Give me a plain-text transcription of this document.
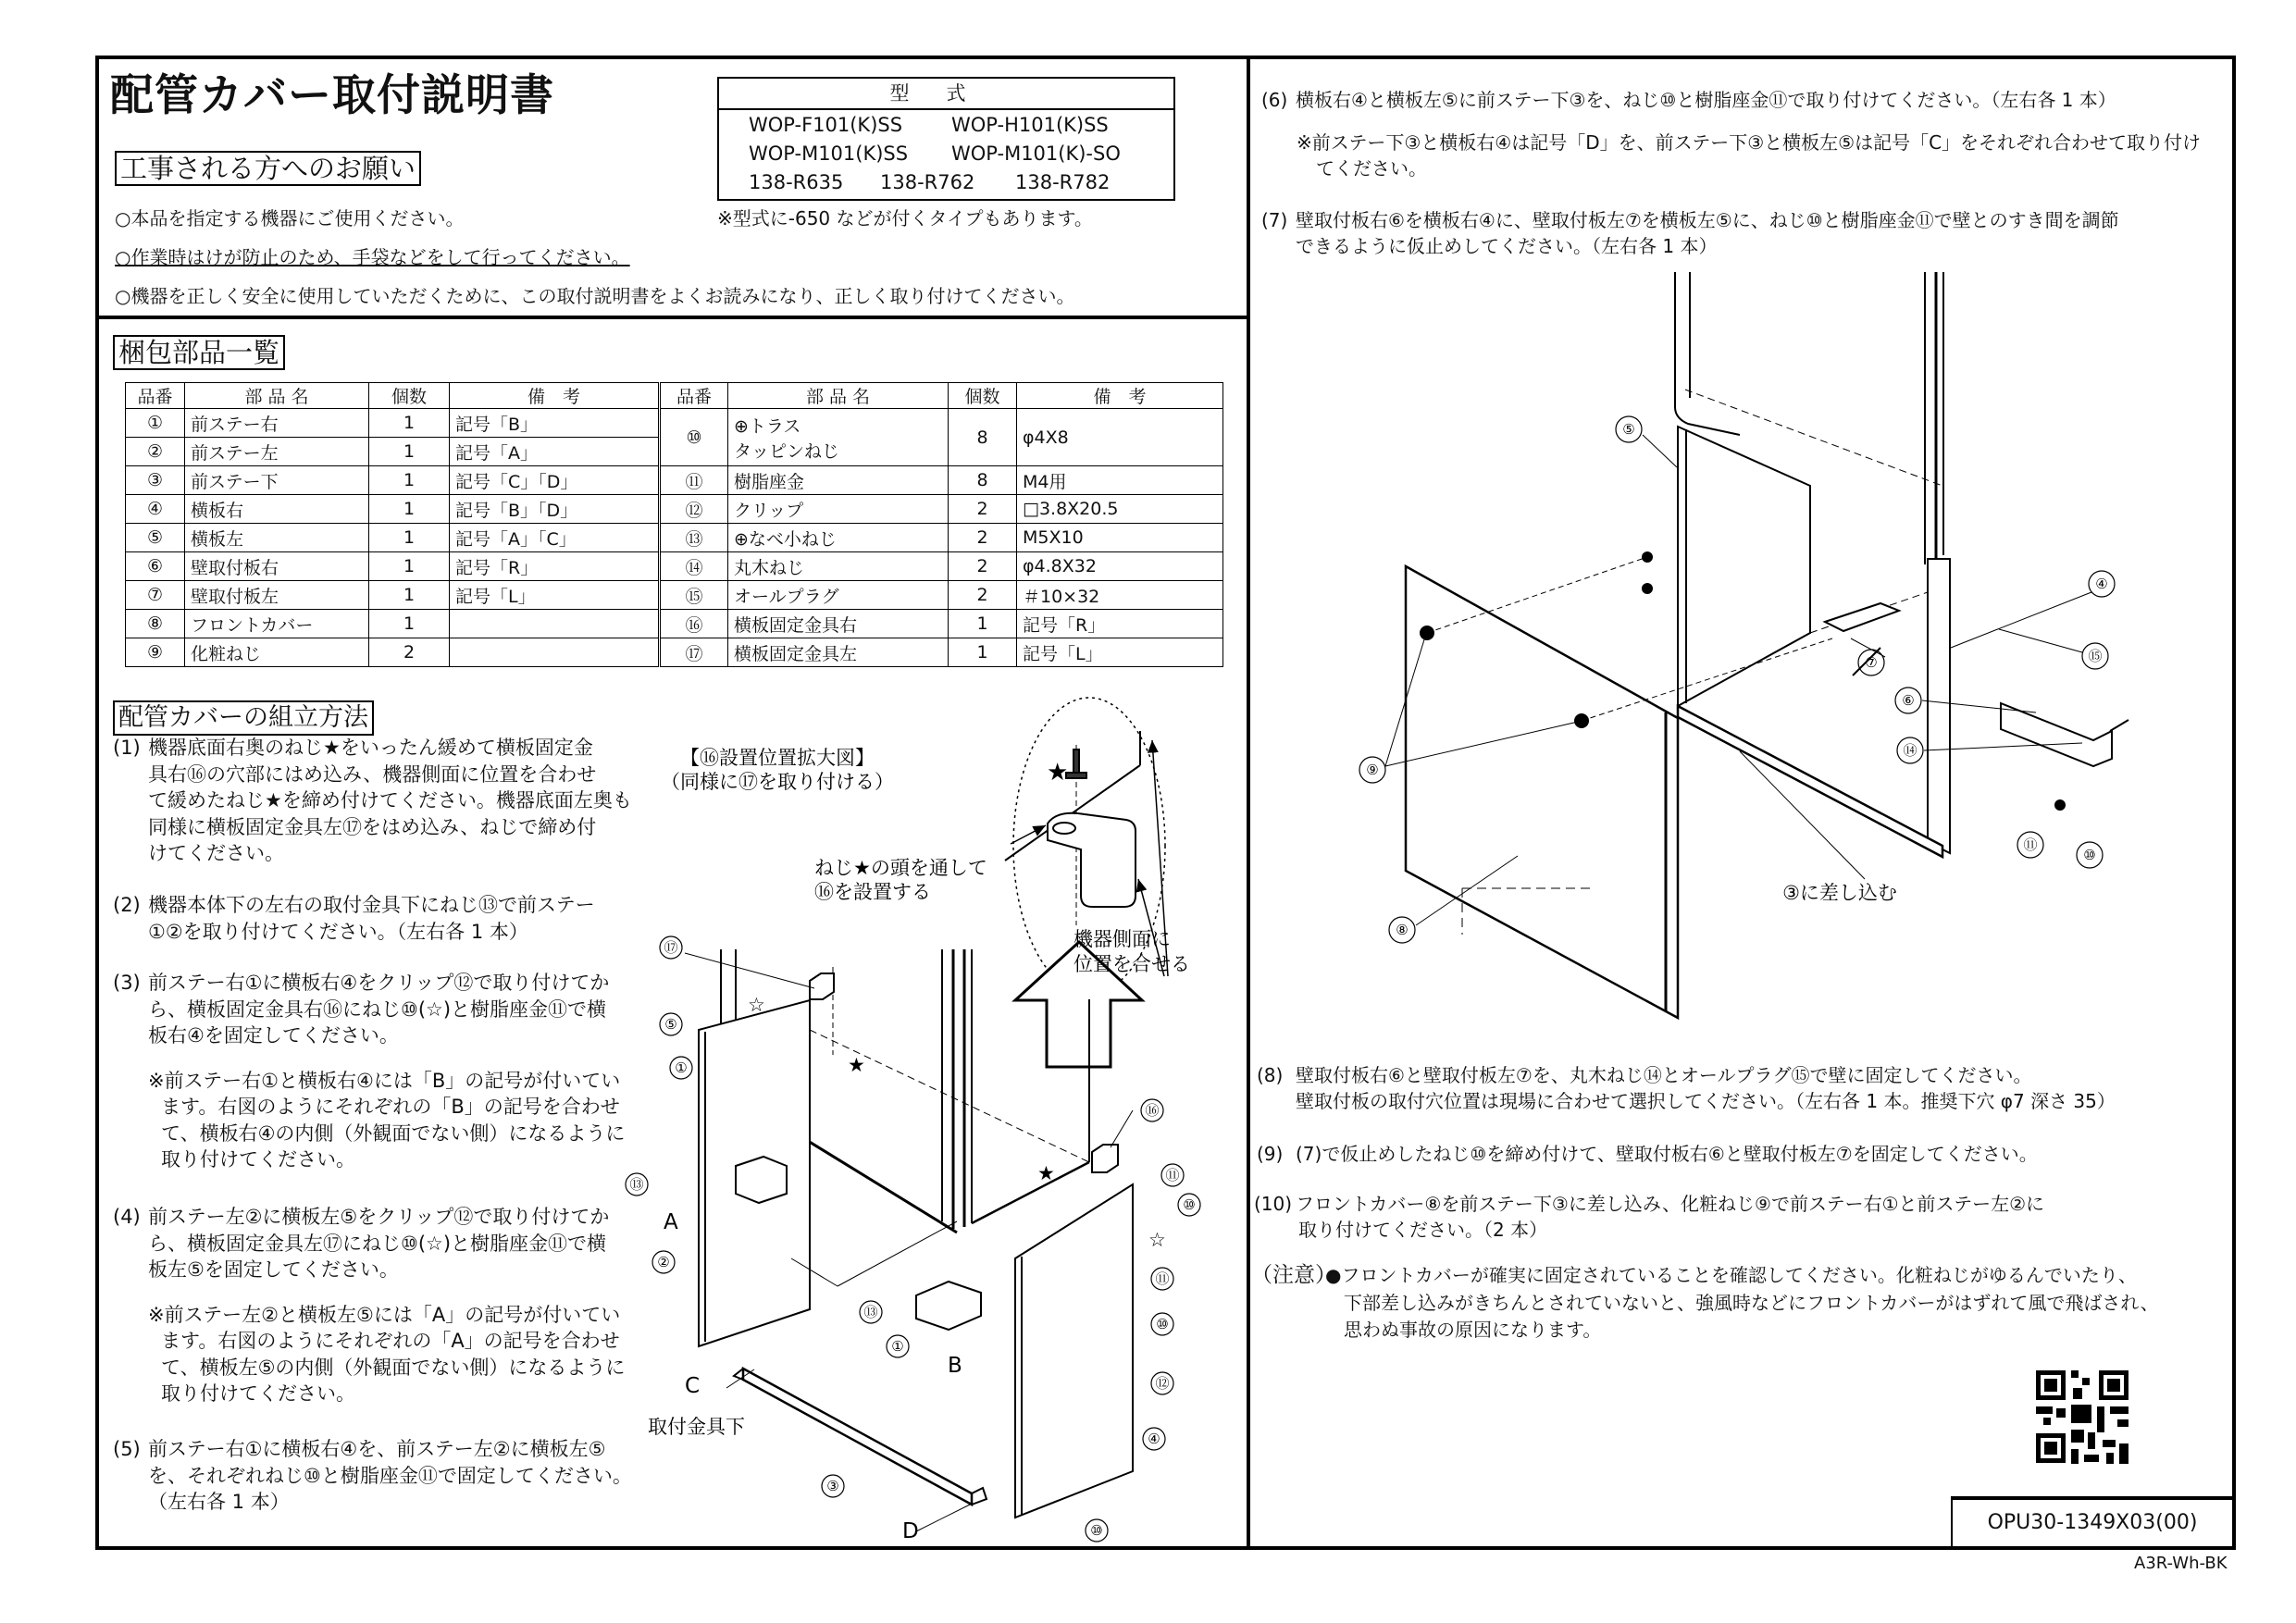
配管カバー取付説明書
工事される方へのお願い
○本品を指定する機器にご使用ください。
○作業時はけが防止のため、手袋などをして行ってください。
○機器を正しく安全に使用していただくために、この取付説明書をよくお読みになり、正しく取り付けてください。
型式
WOP-F101(K)SS	WOP-H101(K)SS
WOP-M101(K)SS WOP-M101(K)-SO
138-R635 138-R762 138-R782
※型式に-650 などが付くタイプもあります。
梱包部品一覧
品番	部 品 名	個数	備　考	品番	部 品 名	個数	備　考
①	前ステー右	1	記号「B」	⑩	⊕トラス
タッピンねじ	8	φ4X8
②	前ステー左	1	記号「A」				
③	前ステー下	1	記号「C」「D」	⑪	樹脂座金	8	M4用
④	横板右	1	記号「B」「D」	⑫	クリップ	2	□3.8X20.5
⑤	横板左	1	記号「A」「C」	⑬	⊕なべ小ねじ	2	M5X10
⑥	壁取付板右	1	記号「R」	⑭	丸木ねじ	2	φ4.8X32
⑦	壁取付板左	1	記号「L」	⑮	オールプラグ	2	＃10×32
⑧	フロントカバー	1		⑯	横板固定金具右	1	記号「R」
⑨	化粧ねじ	2		⑰	横板固定金具左	1	記号「L」
配管カバーの組立方法
(1) 機器底面右奥のねじ★をいったん緩めて横板固定金
具右⑯の穴部にはめ込み、機器側面に位置を合わせ
て緩めたねじ★を締め付けてください。機器底面左奥も
同様に横板固定金具左⑰をはめ込み、ねじで締め付
けてください。
(2) 機器本体下の左右の取付金具下にねじ⑬で前ステー
①②を取り付けてください。（左右各 1 本）
(3) 前ステー右①に横板右④をクリップ⑫で取り付けてか
ら、横板固定金具右⑯にねじ⑩(☆)と樹脂座金⑪で横
板右④を固定してください。
※前ステー右①と横板右④には「B」の記号が付いてい
ます。右図のようにそれぞれの「B」の記号を合わせ
て、横板右④の内側（外観面でない側）になるように
取り付けてください。
(4) 前ステー左②に横板左⑤をクリップ⑫で取り付けてか
ら、横板固定金具左⑰にねじ⑩(☆)と樹脂座金⑪で横
板左⑤を固定してください。
※前ステー左②と横板左⑤には「A」の記号が付いてい
ます。右図のようにそれぞれの「A」の記号を合わせ
て、横板左⑤の内側（外観面でない側）になるように
取り付けてください。
(5) 前ステー右①に横板右④を、前ステー左②に横板左⑤
を、それぞれねじ⑩と樹脂座金⑪で固定してください。
（左右各 1 本）
(6) 横板右④と横板左⑤に前ステー下③を、ねじ⑩と樹脂座金⑪で取り付けてください。（左右各 1 本）
※前ステー下③と横板右④は記号「D」を、前ステー下③と横板左⑤は記号「C」をそれぞれ合わせて取り付け
てください。
(7) 壁取付板右⑥を横板右④に、壁取付板左⑦を横板左⑤に、ねじ⑩と樹脂座金⑪で壁とのすき間を調節
できるように仮止めしてください。（左右各 1 本）
(8) 壁取付板右⑥と壁取付板左⑦を、丸木ねじ⑭とオールプラグ⑮で壁に固定してください。
壁取付板の取付穴位置は現場に合わせて選択してください。（左右各 1 本。推奨下穴 φ7 深さ 35）
(9) (7)で仮止めしたねじ⑩を締め付けて、壁取付板右⑥と壁取付板左⑦を固定してください。
(10) フロントカバー⑧を前ステー下③に差し込み、化粧ねじ⑨で前ステー右①と前ステー左②に
取り付けてください。（2 本）
（注意）
●フロントカバーが確実に固定されていることを確認してください。化粧ねじがゆるんでいたり、
下部差し込みがきちんとされていないと、強風時などにフロントカバーがはずれて風で飛ばされ、
思わぬ事故の原因になります。
【⑯設置位置拡大図】
（同様に⑰を取り付ける）
ねじ★の頭を通して
⑯を設置する
機器側面に
位置を合せる
取付金具下
A
B
C
D
☆
★
★
★
☆
⑰
⑤
①
⑬
②
⑯
⑪
⑩
⑬
①
⑪
⑩
⑫
④
③
⑩
⑤
④
⑮
⑦
⑥
⑭
⑨
⑧
⑪
⑩
③に差し込む
OPU30-1349X03(00)
A3R-Wh-BK
